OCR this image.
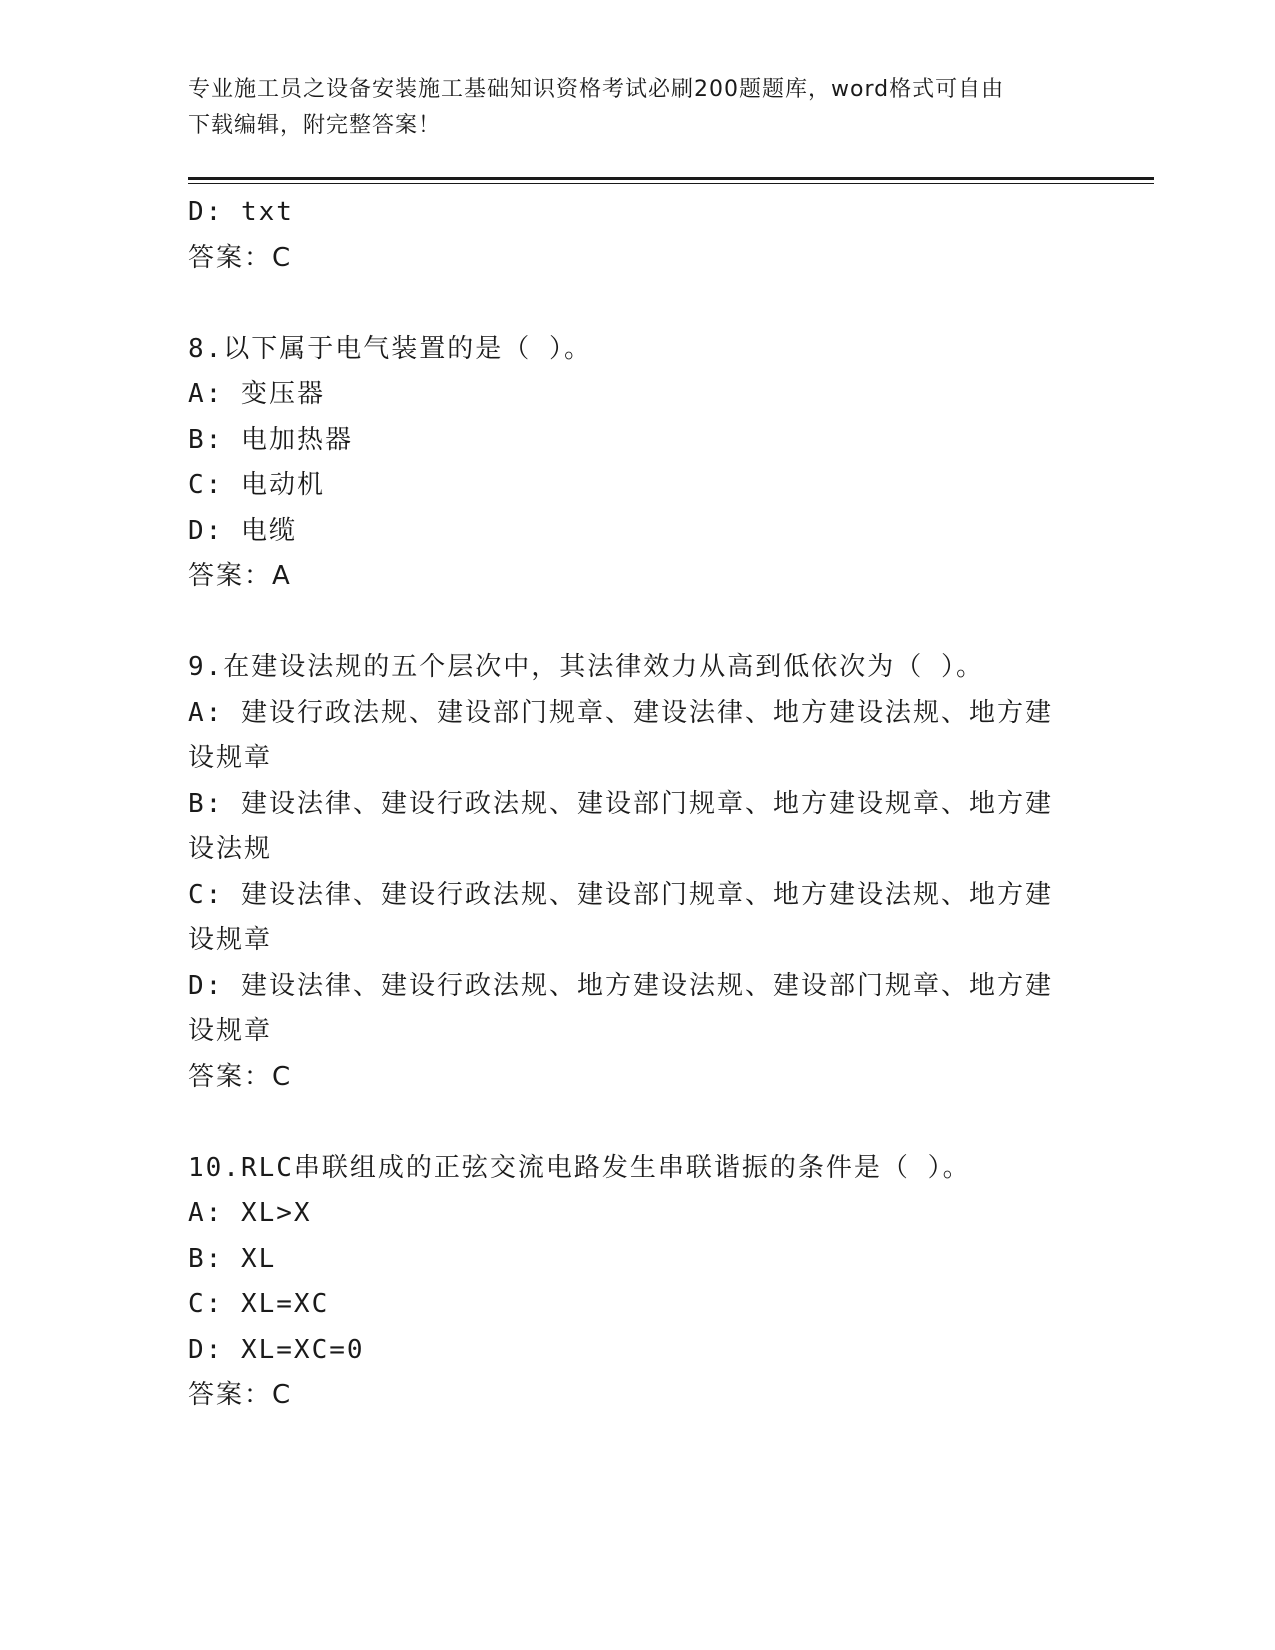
专业施工员之设备安装施工基础知识资格考试必刷200题题库，word格式可自由
下载编辑，附完整答案！
D: txt
答案：C
8.以下属于电气装置的是（ ）。
A: 变压器
B: 电加热器
C: 电动机
D: 电缆
答案：A
9.在建设法规的五个层次中，其法律效力从高到低依次为（ ）。
A: 建设行政法规、建设部门规章、建设法律、地方建设法规、地方建
设规章
B: 建设法律、建设行政法规、建设部门规章、地方建设规章、地方建
设法规
C: 建设法律、建设行政法规、建设部门规章、地方建设法规、地方建
设规章
D: 建设法律、建设行政法规、地方建设法规、建设部门规章、地方建
设规章
答案：C
10.RLC串联组成的正弦交流电路发生串联谐振的条件是（ ）。
A: XL>X
B: XL
C: XL=XC
D: XL=XC=0
答案：C
